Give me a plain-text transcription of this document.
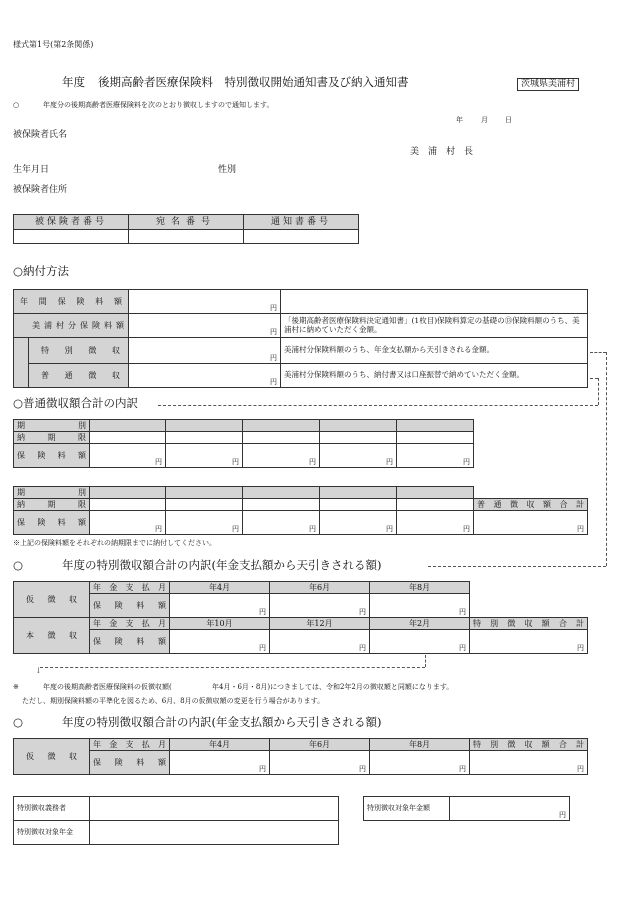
様式第1号(第2条関係)
年度 後期高齢者医療保険料　特別徴収開始通知書及び納入通知書	茨城県美浦村
○	年度分の後期高齢者医療保険料を次のとおり徴収しますので通知します。
年	月 日
被保険者氏名
美　浦　村　長
生年月日	性別
被保険者住所
被保険者番号	宛名番号	通知書番号

○納付方法
年間保険料額		円	
美浦村分保険料額		円	「後期高齢者医療保険料決定通知書」(1枚目)保険料算定の基礎の⑬保険料額のうち、美浦村に納めていただく金額。
	特別徴収	円	美浦村分保険料額のうち、年金支払額から天引きされる金額。
	普通徴収	円	美浦村分保険料額のうち、納付書又は口座振替で納めていただく金額。
○普通徴収額合計の内訳
期別					
納期限					
保険料額	円	円	円	円	円
期別						
納期限						普通徴収額合計
保険料額	円	円	円	円	円	円
※上記の保険料額をそれぞれの納期限までに納付してください。
○	年度の特別徴収額合計の内訳(年金支払額から天引きされる額)
仮徴収	年金支払月	年4月	年6月	年8月	
	保険料額	円	円	円	
本徴収	年金支払月	年10月	年12月	年2月	特別徴収額合計
	保険料額	円	円	円	円
↓
※	年度の後期高齢者医療保険料の仮徴収額(	年4月・6月・8月)につきましては、令和2年2月の徴収額と同額になります。
ただし、期別保険料額の平準化を図るため、6月、8月の仮徴収額の変更を行う場合があります。
○	年度の特別徴収額合計の内訳(年金支払額から天引きされる額)
仮徴収	年金支払月	年4月	年6月	年8月	特別徴収額合計
	保険料額	円	円	円	円
特別徴収義務者	
特別徴収対象年金	
特別徴収対象年金額	円
